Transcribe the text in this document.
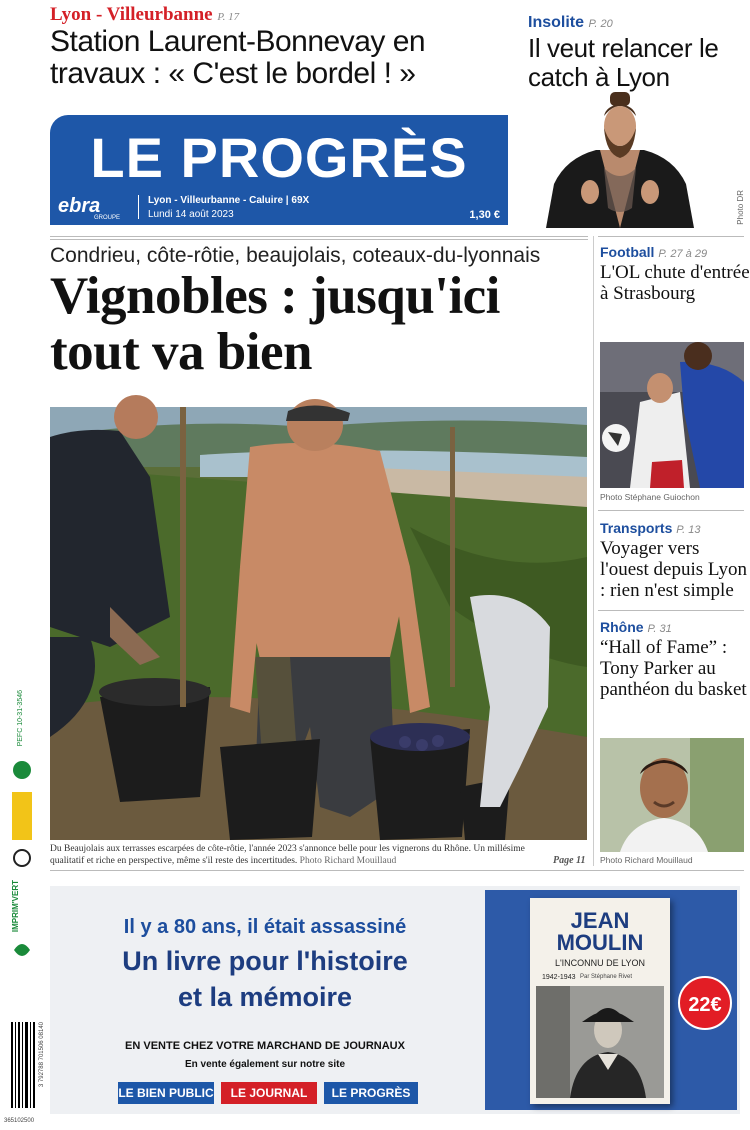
Lyon - Villeurbanne P. 17
Station Laurent-Bonnevay en travaux : « C'est le bordel ! »
Insolite P. 20
Il veut relancer le catch à Lyon
LE PROGRÈS
ebra
GROUPE
Lyon - Villeurbanne - Caluire | 69X
Lundi 14 août 2023	1,30 €	Photo DR
Condrieu, côte-rôtie, beaujolais, coteaux-du-lyonnais
Vignobles : jusqu'ici tout va bien
Du Beaujolais aux terrasses escarpées de côte-rôtie, l'année 2023 s'annonce belle pour les vignerons du Rhône. Un millésime qualitatif et riche en perspective, même s'il reste des incertitudes. Photo Richard Mouillaud	Page 11
Football P. 27 à 29
L'OL chute d'entrée à Strasbourg
Photo Stéphane Guiochon
Transports P. 13
Voyager vers l'ouest depuis Lyon : rien n'est simple
Rhône P. 31
“Hall of Fame” : Tony Parker au panthéon du basket
Photo Richard Mouillaud
Il y a 80 ans, il était assassiné
Un livre pour l'histoire
et la mémoire
EN VENTE CHEZ VOTRE MARCHAND DE JOURNAUX
En vente également sur notre site
LE BIEN PUBLIC	LE JOURNAL	LE PROGRÈS
JEAN
MOULIN
L'INCONNU DE LYON
1942-1943 Par Stéphane Rivet
22€
PEFC 10-31-3546
IMPRIM'VERT
3 792788 701506 08140
365102500
